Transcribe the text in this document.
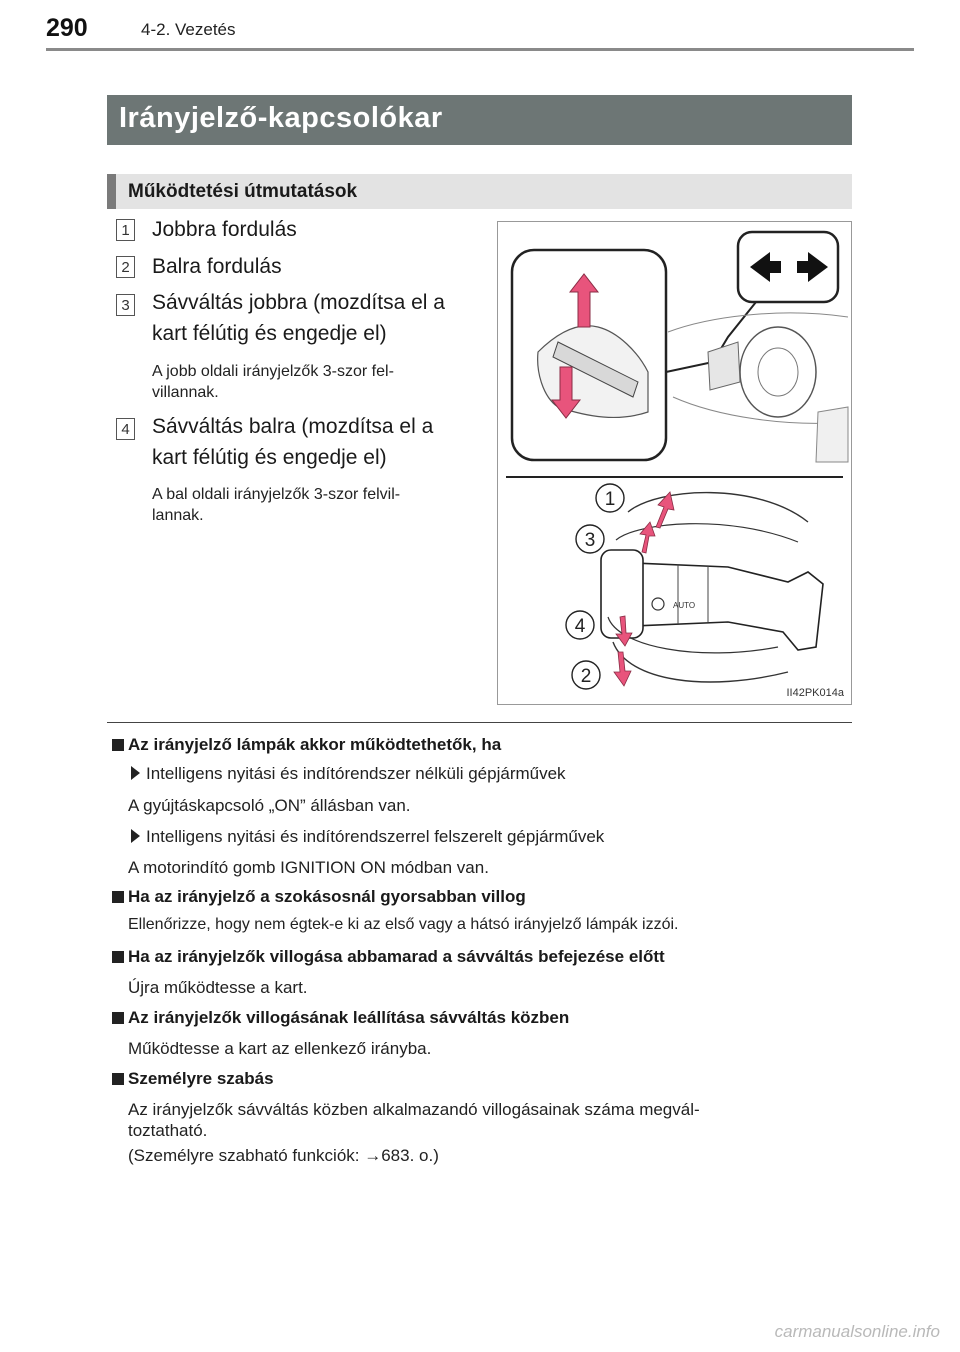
290	4-2. Vezetés
Irányjelző-kapcsolókar
Működtetési útmutatások
1 Jobbra fordulás
2 Balra fordulás
3 Sávváltás jobbra (mozdítsa el a
kart félútig és engedje el)
A jobb oldali irányjelzők 3-szor fel-
villannak.
4 Sávváltás balra (mozdítsa el a
kart félútig és engedje el)
A bal oldali irányjelzők 3-szor felvil-
lannak.
AUTO
1
3
4
2
II42PK014a
Az irányjelző lámpák akkor működtethetők, ha
Intelligens nyitási és indítórendszer nélküli gépjárművek
A gyújtáskapcsoló „ON” állásban van.
Intelligens nyitási és indítórendszerrel felszerelt gépjárművek
A motorindító gomb IGNITION ON módban van.
Ha az irányjelző a szokásosnál gyorsabban villog
Ellenőrizze, hogy nem égtek-e ki az első vagy a hátsó irányjelző lámpák izzói.
Ha az irányjelzők villogása abbamarad a sávváltás befejezése előtt
Újra működtesse a kart.
Az irányjelzők villogásának leállítása sávváltás közben
Működtesse a kart az ellenkező irányba.
Személyre szabás
Az irányjelzők sávváltás közben alkalmazandó villogásainak száma megvál-
toztatható.
(Személyre szabható funkciók: →683. o.)
carmanualsonline.info
